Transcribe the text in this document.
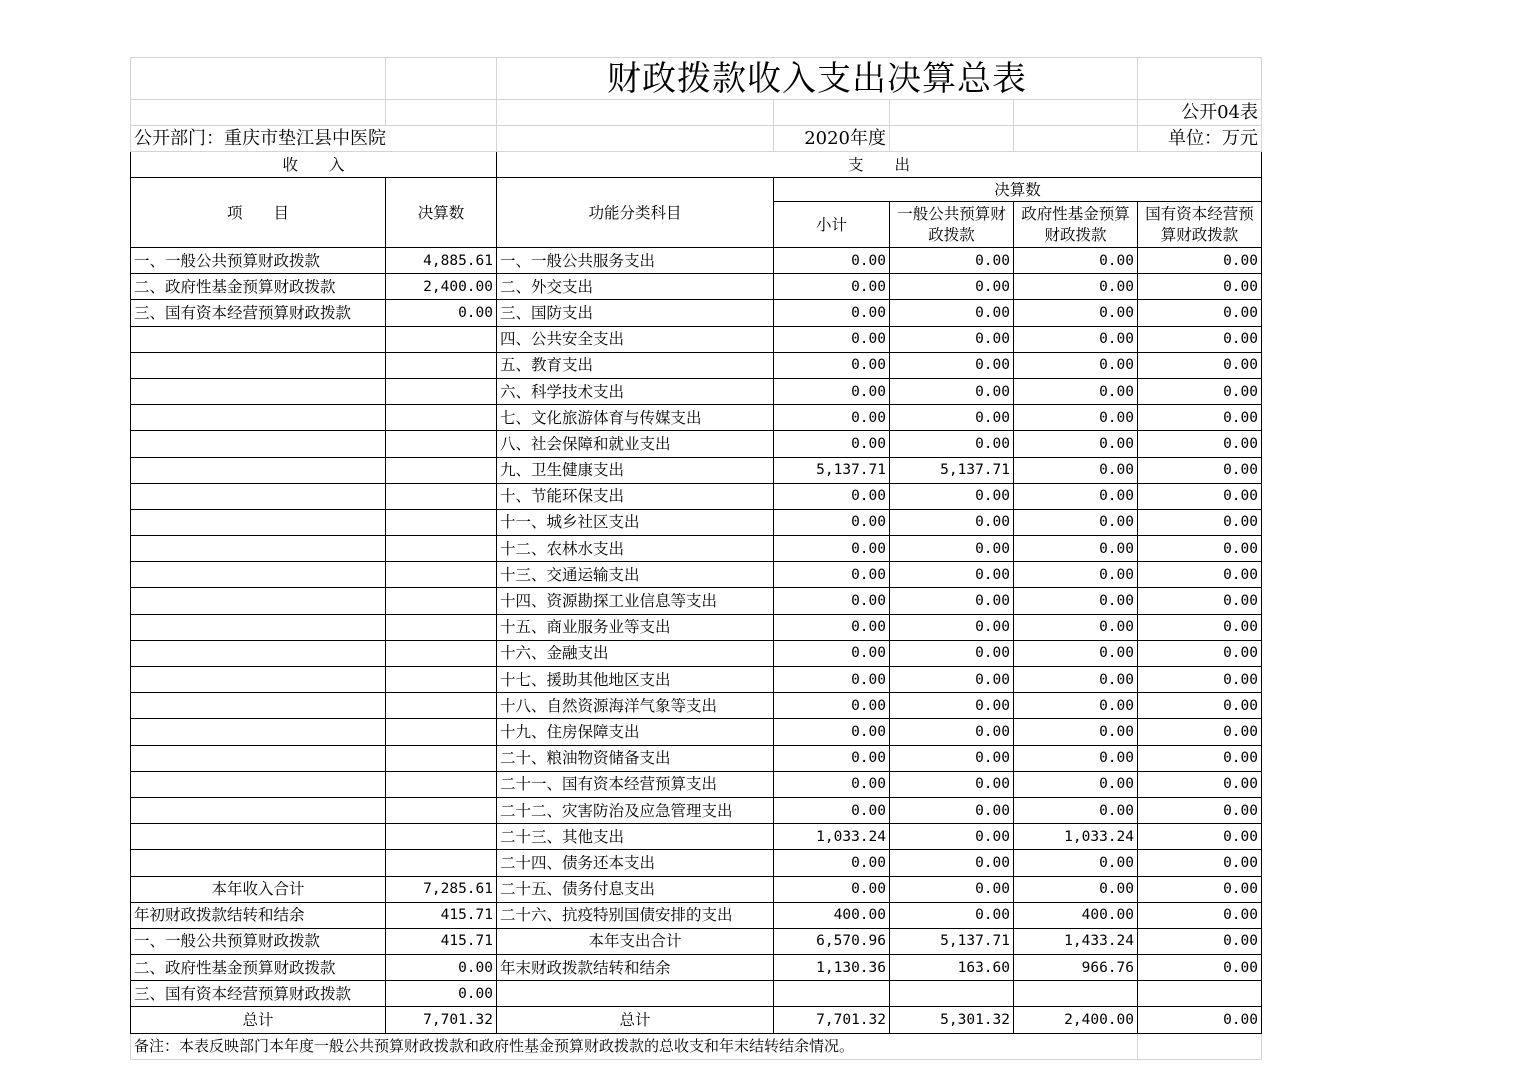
		财政拨款收入支出决算总表				
						公开04表
公开部门：重庆市垫江县中医院			2020年度			单位：万元
收　　入		支　　出				
项　　目	决算数	功能分类科目	决算数			
			小计	一般公共预算财政拨款	政府性基金预算财政拨款	国有资本经营预算财政拨款
一、一般公共预算财政拨款	4,885.61	一、一般公共服务支出	0.00	0.00	0.00	0.00
二、政府性基金预算财政拨款	2,400.00	二、外交支出	0.00	0.00	0.00	0.00
三、国有资本经营预算财政拨款	0.00	三、国防支出	0.00	0.00	0.00	0.00
		四、公共安全支出	0.00	0.00	0.00	0.00
		五、教育支出	0.00	0.00	0.00	0.00
		六、科学技术支出	0.00	0.00	0.00	0.00
		七、文化旅游体育与传媒支出	0.00	0.00	0.00	0.00
		八、社会保障和就业支出	0.00	0.00	0.00	0.00
		九、卫生健康支出	5,137.71	5,137.71	0.00	0.00
		十、节能环保支出	0.00	0.00	0.00	0.00
		十一、城乡社区支出	0.00	0.00	0.00	0.00
		十二、农林水支出	0.00	0.00	0.00	0.00
		十三、交通运输支出	0.00	0.00	0.00	0.00
		十四、资源勘探工业信息等支出	0.00	0.00	0.00	0.00
		十五、商业服务业等支出	0.00	0.00	0.00	0.00
		十六、金融支出	0.00	0.00	0.00	0.00
		十七、援助其他地区支出	0.00	0.00	0.00	0.00
		十八、自然资源海洋气象等支出	0.00	0.00	0.00	0.00
		十九、住房保障支出	0.00	0.00	0.00	0.00
		二十、粮油物资储备支出	0.00	0.00	0.00	0.00
		二十一、国有资本经营预算支出	0.00	0.00	0.00	0.00
		二十二、灾害防治及应急管理支出	0.00	0.00	0.00	0.00
		二十三、其他支出	1,033.24	0.00	1,033.24	0.00
		二十四、债务还本支出	0.00	0.00	0.00	0.00
本年收入合计	7,285.61	二十五、债务付息支出	0.00	0.00	0.00	0.00
年初财政拨款结转和结余	415.71	二十六、抗疫特别国债安排的支出	400.00	0.00	400.00	0.00
一、一般公共预算财政拨款	415.71	本年支出合计	6,570.96	5,137.71	1,433.24	0.00
二、政府性基金预算财政拨款	0.00	年末财政拨款结转和结余	1,130.36	163.60	966.76	0.00
三、国有资本经营预算财政拨款	0.00					
总计	7,701.32	总计	7,701.32	5,301.32	2,400.00	0.00
备注：本表反映部门本年度一般公共预算财政拨款和政府性基金预算财政拨款的总收支和年末结转结余情况。						
